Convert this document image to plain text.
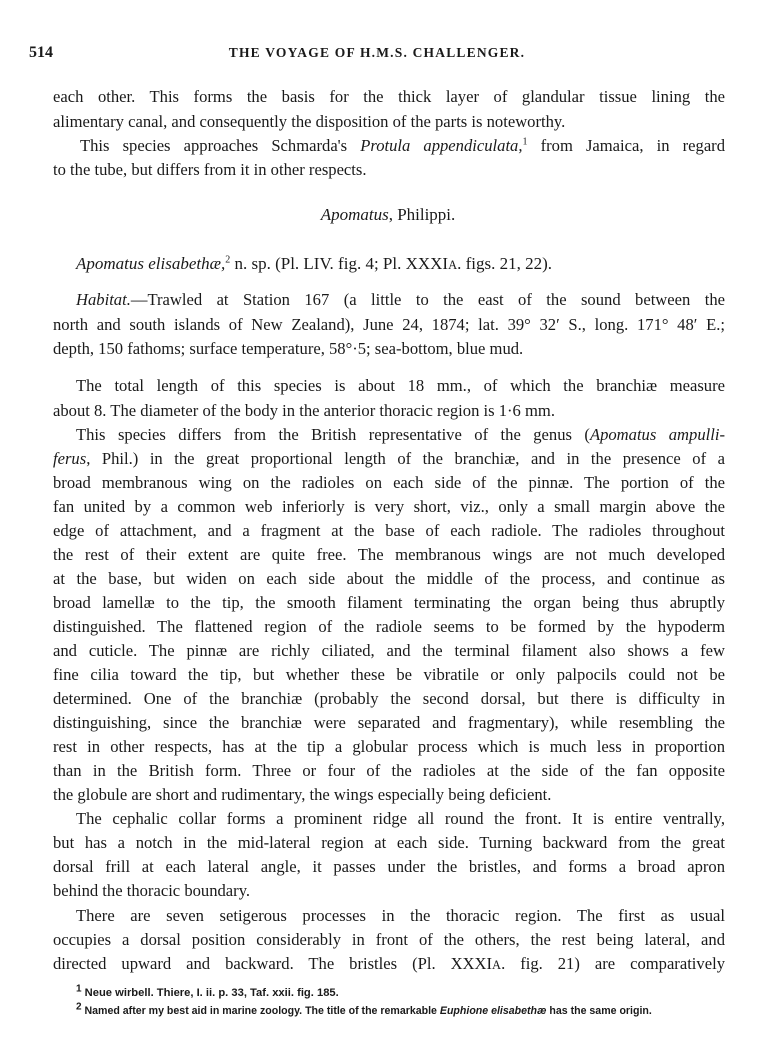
514	THE VOYAGE OF H.M.S. CHALLENGER.
each other. This forms the basis for the thick layer of glandular tissue lining the
alimentary canal, and consequently the disposition of the parts is noteworthy.
This species approaches Schmarda's Protula appendiculata,$^1$ from Jamaica, in regard
to the tube, but differs from it in other respects.
Apomatus, Philippi.
Apomatus elisabethæ,$^2$ n. sp. (Pl. LIV. fig. 4; Pl. XXXIA. figs. 21, 22).
Habitat.—Trawled at Station 167 (a little to the east of the sound between the
north and south islands of New Zealand), June 24, 1874; lat. 39° 32′ S., long. 171° 48′ E.;
depth, 150 fathoms; surface temperature, 58°·5; sea-bottom, blue mud.
The total length of this species is about 18 mm., of which the branchiæ measure
about 8. The diameter of the body in the anterior thoracic region is 1·6 mm.
This species differs from the British representative of the genus (Apomatus ampulli-
ferus, Phil.) in the great proportional length of the branchiæ, and in the presence of a
broad membranous wing on the radioles on each side of the pinnæ. The portion of the
fan united by a common web inferiorly is very short, viz., only a small margin above the
edge of attachment, and a fragment at the base of each radiole. The radioles throughout
the rest of their extent are quite free. The membranous wings are not much developed
at the base, but widen on each side about the middle of the process, and continue as
broad lamellæ to the tip, the smooth filament terminating the organ being thus abruptly
distinguished. The flattened region of the radiole seems to be formed by the hypoderm
and cuticle. The pinnæ are richly ciliated, and the terminal filament also shows a few
fine cilia toward the tip, but whether these be vibratile or only palpocils could not be
determined. One of the branchiæ (probably the second dorsal, but there is difficulty in
distinguishing, since the branchiæ were separated and fragmentary), while resembling the
rest in other respects, has at the tip a globular process which is much less in proportion
than in the British form. Three or four of the radioles at the side of the fan opposite
the globule are short and rudimentary, the wings especially being deficient.
The cephalic collar forms a prominent ridge all round the front. It is entire ventrally,
but has a notch in the mid-lateral region at each side. Turning backward from the great
dorsal frill at each lateral angle, it passes under the bristles, and forms a broad apron
behind the thoracic boundary.
There are seven setigerous processes in the thoracic region. The first as usual
occupies a dorsal position considerably in front of the others, the rest being lateral, and
directed upward and backward. The bristles (Pl. XXXIA. fig. 21) are comparatively
$^1$ Neue wirbell. Thiere, I. ii. p. 33, Taf. xxii. fig. 185.
$^2$ Named after my best aid in marine zoology. The title of the remarkable Euphione elisabethæ has the same origin.
